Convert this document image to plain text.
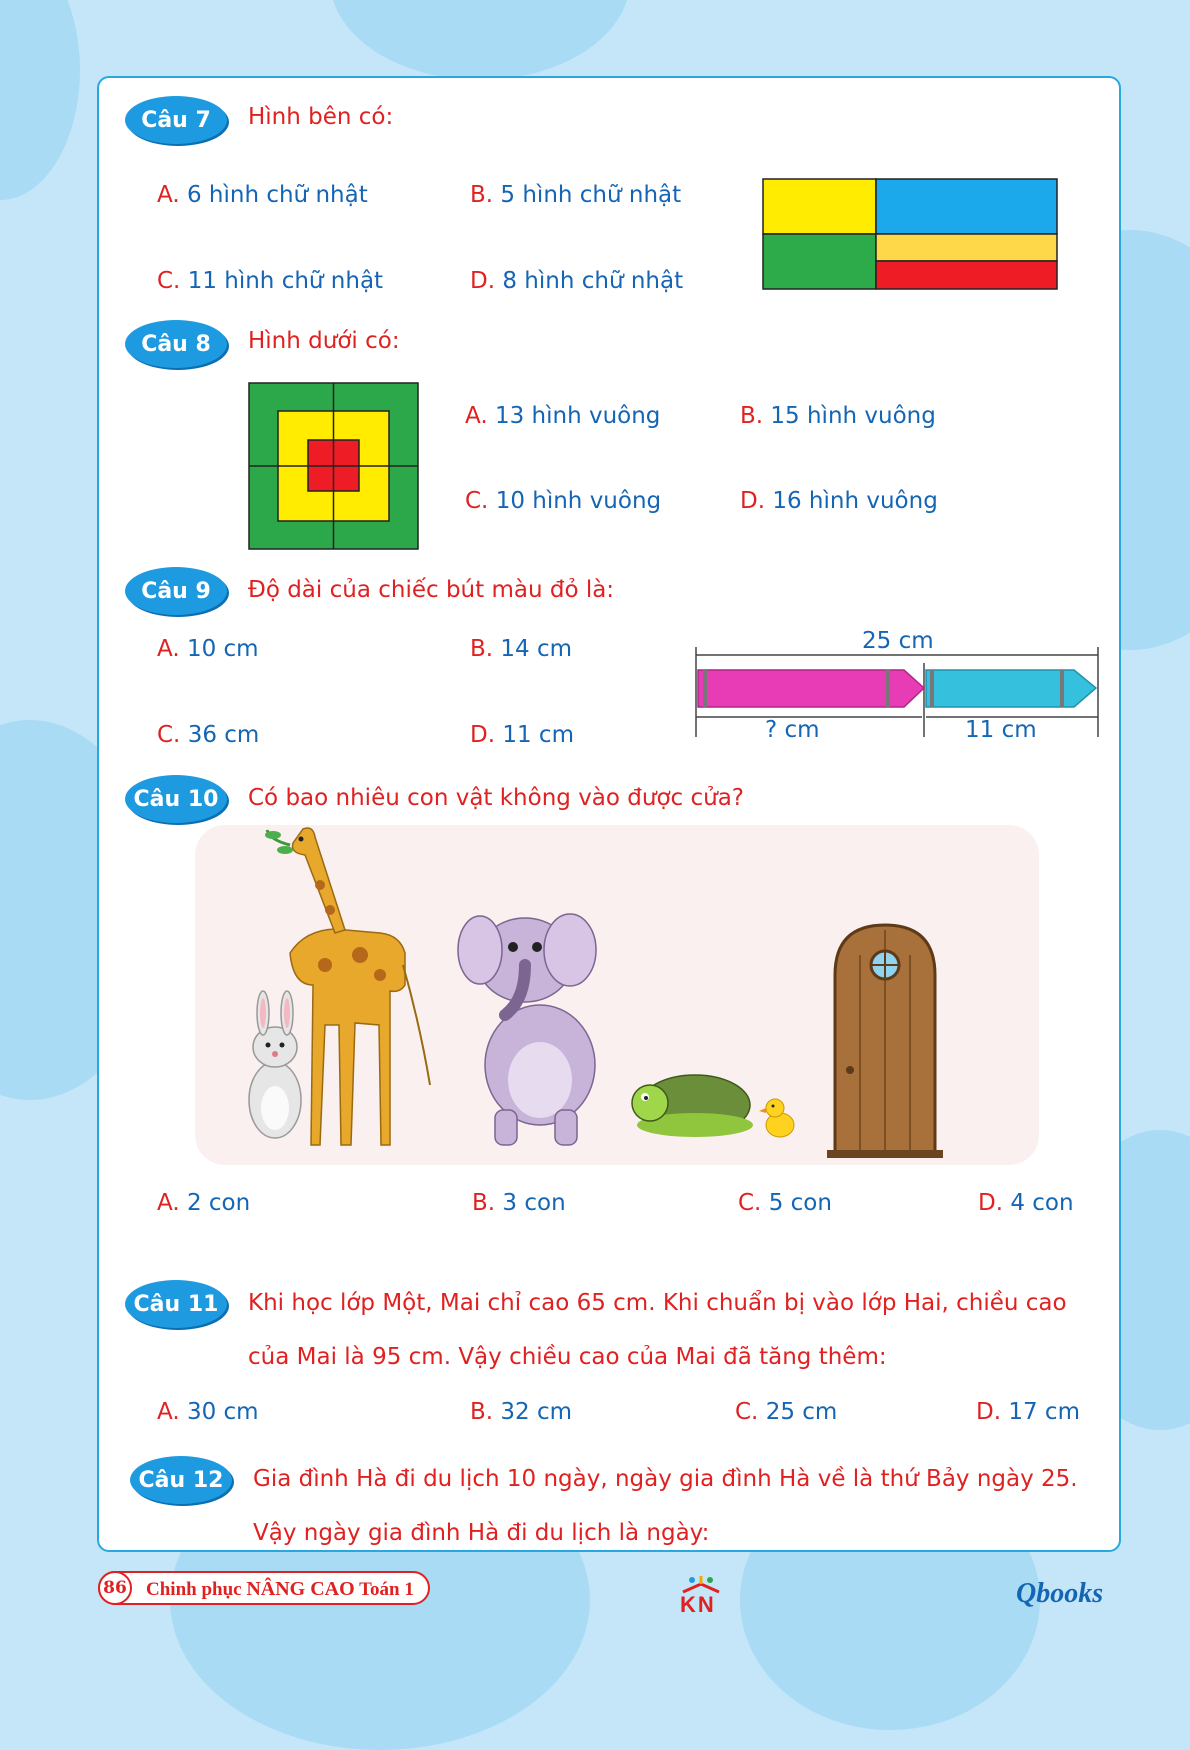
Câu 7	Hình bên có:
A. 6 hình chữ nhật	B. 5 hình chữ nhật
C. 11 hình chữ nhật	D. 8 hình chữ nhật
Câu 8	Hình dưới có:
A. 13 hình vuông	B. 15 hình vuông
C. 10 hình vuông	D. 16 hình vuông
Câu 9	Độ dài của chiếc bút màu đỏ là:
A. 10 cm	B. 14 cm
C. 36 cm	D. 11 cm
25 cm
? cm	11 cm
Câu 10	Có bao nhiêu con vật không vào được cửa?
A. 2 con	B. 3 con	C. 5 con	D. 4 con
Câu 11	Khi học lớp Một, Mai chỉ cao 65 cm. Khi chuẩn bị vào lớp Hai, chiều cao
của Mai là 95 cm. Vậy chiều cao của Mai đã tăng thêm:
A. 30 cm	B. 32 cm	C. 25 cm	D. 17 cm
Câu 12	Gia đình Hà đi du lịch 10 ngày, ngày gia đình Hà về là thứ Bảy ngày 25.
Vậy ngày gia đình Hà đi du lịch là ngày:
86 Chinh phục NÂNG CAO Toán 1
KN	Qbooks
